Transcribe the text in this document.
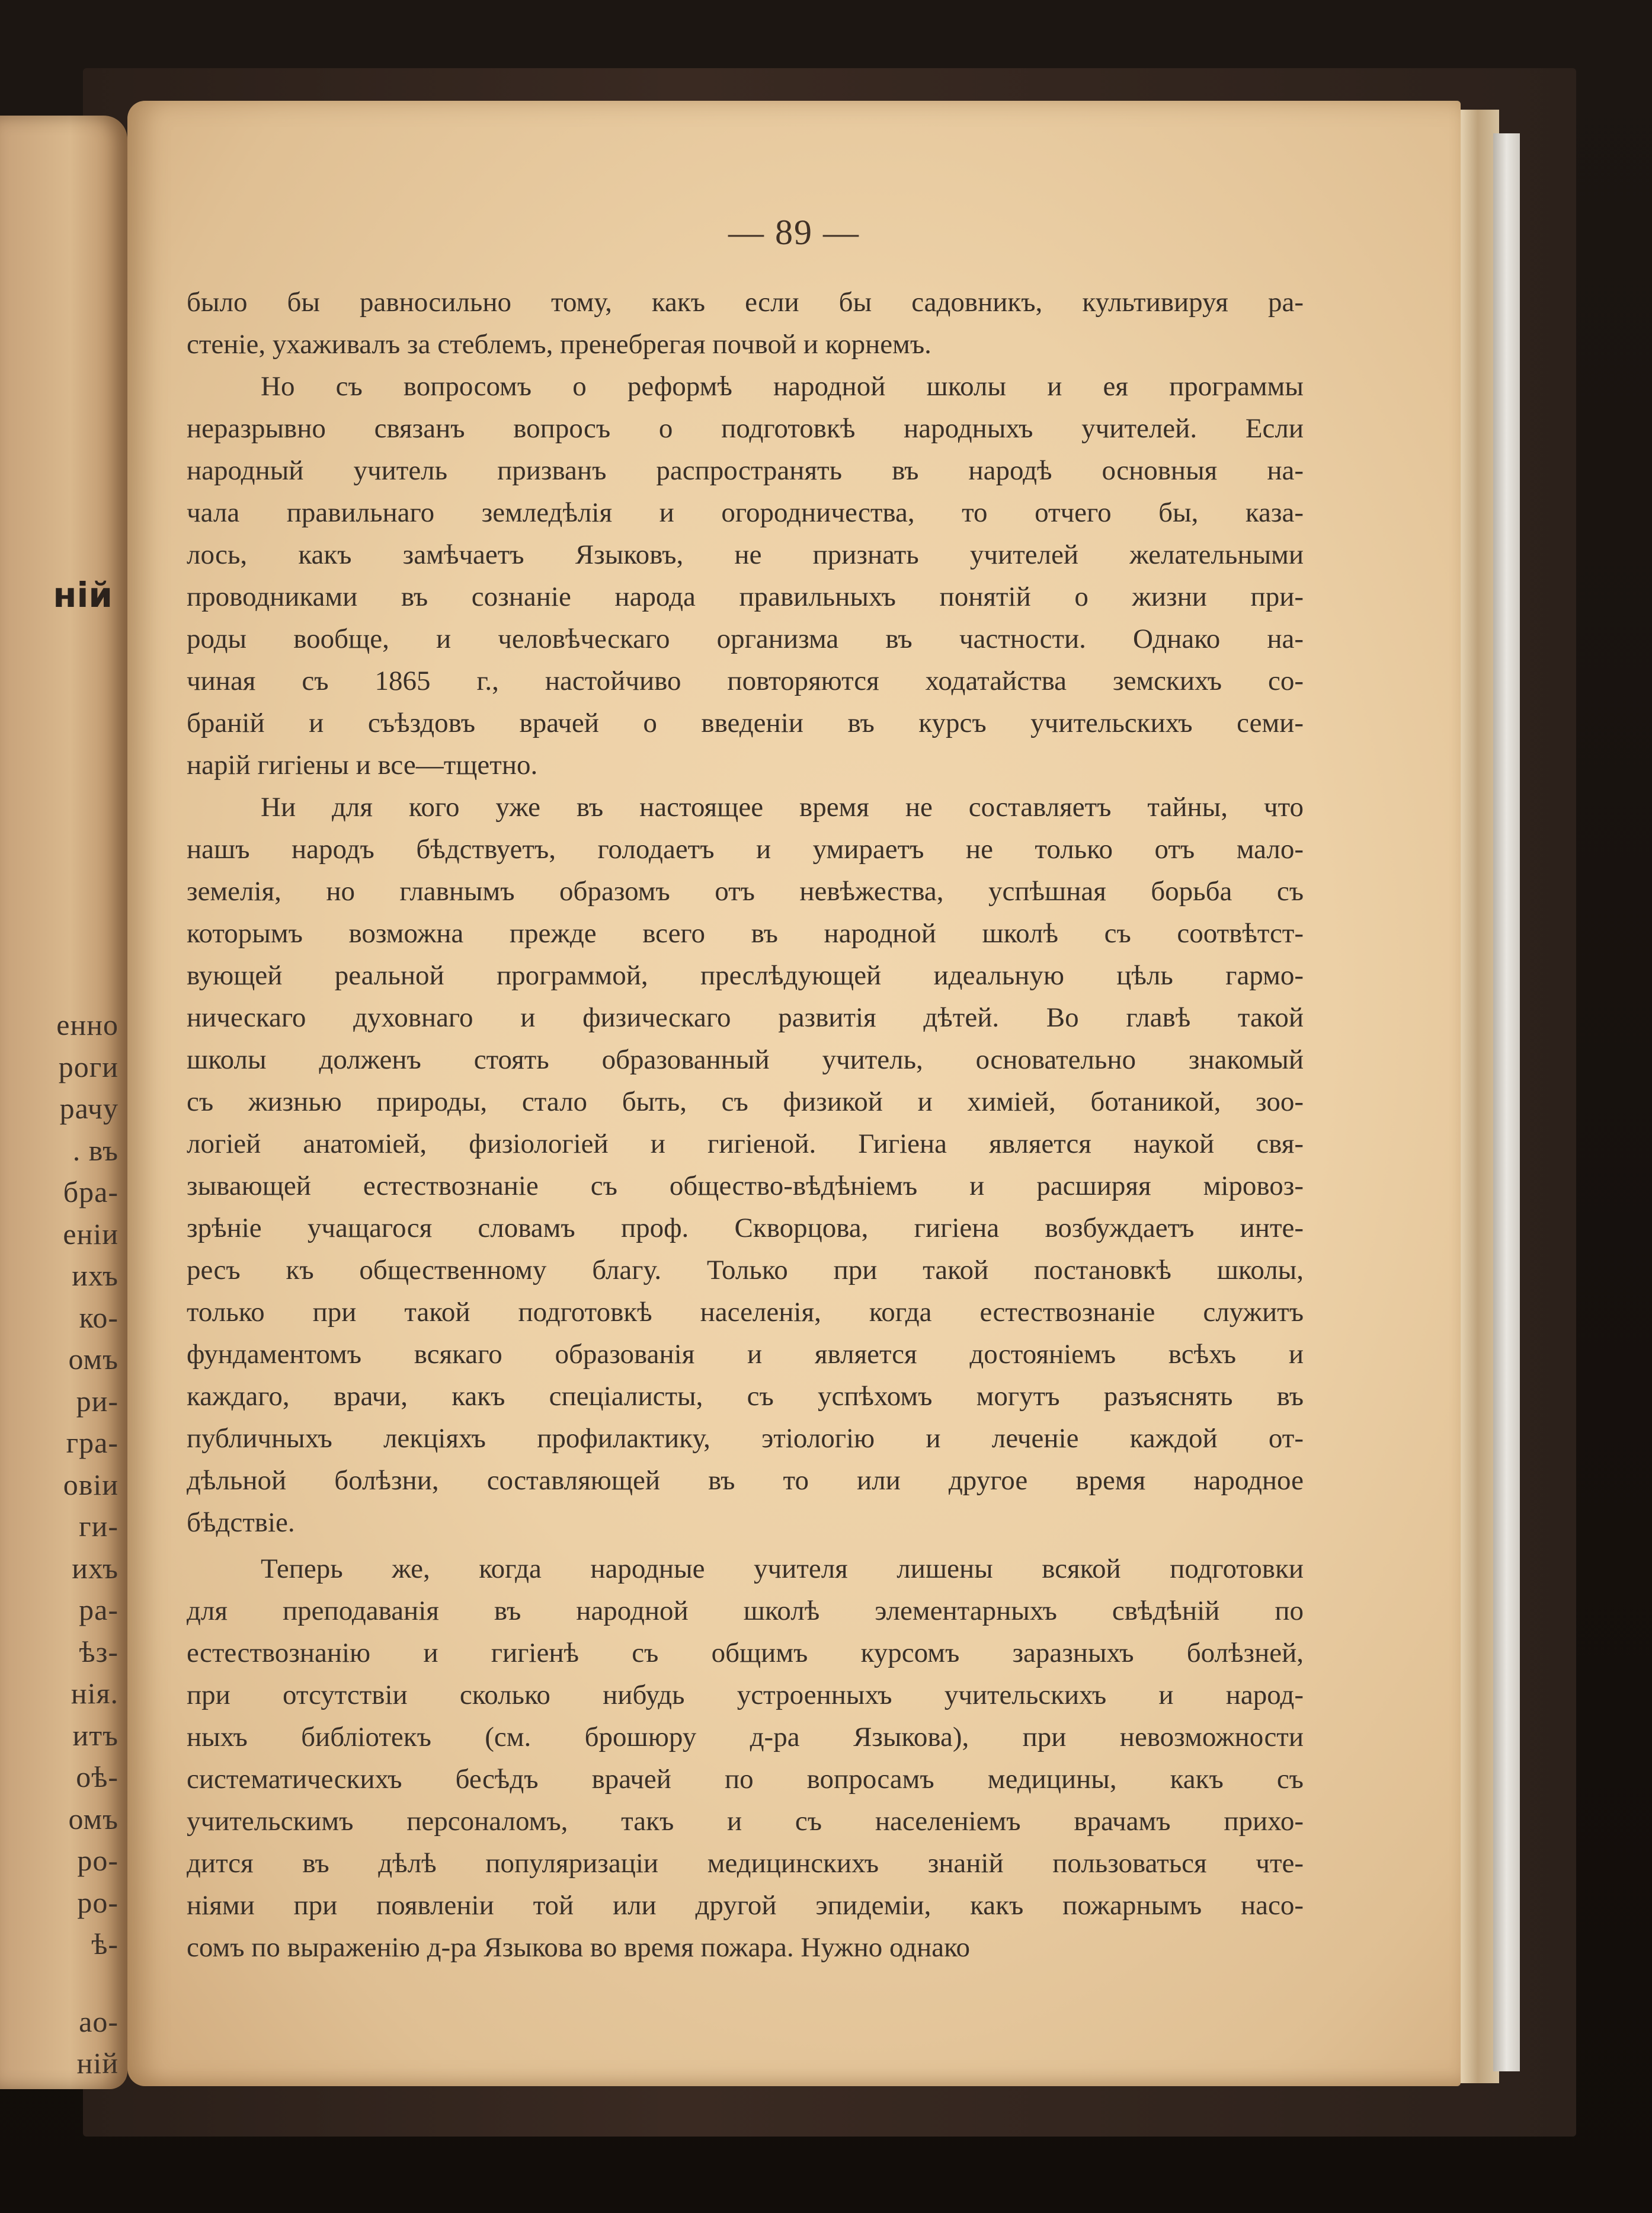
ній
енно
роги
рачу
. въ
бра-
еніи
ихъ
ко-
омъ
ри-
гра-
овіи
ги-
ихъ
ра-
ѣз-
нія.
итъ
оѣ-
омъ
ро-
ро-
ѣ-
ао-
ній
— 89 —
было бы равносильно тому, какъ если бы садовникъ, культивируя ра-
стеніе, ухаживалъ за стеблемъ, пренебрегая почвой и корнемъ.
Но съ вопросомъ о реформѣ народной школы и ея программы
неразрывно связанъ вопросъ о подготовкѣ народныхъ учителей. Если
народный учитель призванъ распространять въ народѣ основныя на-
чала правильнаго земледѣлія и огородничества, то отчего бы, каза-
лось, какъ замѣчаетъ Языковъ, не признать учителей желательными
проводниками въ сознаніе народа правильныхъ понятій о жизни при-
роды вообще, и человѣческаго организма въ частности. Однако на-
чиная съ 1865 г., настойчиво повторяются ходатайства земскихъ со-
браній и съѣздовъ врачей о введеніи въ курсъ учительскихъ семи-
нарій гигіены и все—тщетно.
Ни для кого уже въ настоящее время не составляетъ тайны, что
нашъ народъ бѣдствуетъ, голодаетъ и умираетъ не только отъ мало-
земелія, но главнымъ образомъ отъ невѣжества, успѣшная борьба съ
которымъ возможна прежде всего въ народной школѣ съ соотвѣтст-
вующей реальной программой, преслѣдующей идеальную цѣль гармо-
ническаго духовнаго и физическаго развитія дѣтей. Во главѣ такой
школы долженъ стоять образованный учитель, основательно знакомый
съ жизнью природы, стало быть, съ физикой и химіей, ботаникой, зоо-
логіей анатоміей, физіологіей и гигіеной. Гигіена является наукой свя-
зывающей естествознаніе съ общество-вѣдѣніемъ и расширяя міровоз-
зрѣніе учащагося словамъ проф. Скворцова, гигіена возбуждаетъ инте-
ресъ къ общественному благу. Только при такой постановкѣ школы,
только при такой подготовкѣ населенія, когда естествознаніе служитъ
фундаментомъ всякаго образованія и является достояніемъ всѣхъ и
каждаго, врачи, какъ спеціалисты, съ успѣхомъ могутъ разъяснять въ
публичныхъ лекціяхъ профилактику, этіологію и леченіе каждой от-
дѣльной болѣзни, составляющей въ то или другое время народное
бѣдствіе.
Теперь же, когда народные учителя лишены всякой подготовки
для преподаванія въ народной школѣ элементарныхъ свѣдѣній по
естествознанію и гигіенѣ съ общимъ курсомъ заразныхъ болѣзней,
при отсутствіи сколько нибудь устроенныхъ учительскихъ и народ-
ныхъ библіотекъ (см. брошюру д-ра Языкова), при невозможности
систематическихъ бесѣдъ врачей по вопросамъ медицины, какъ съ
учительскимъ персоналомъ, такъ и съ населеніемъ врачамъ прихо-
дится въ дѣлѣ популяризаціи медицинскихъ знаній пользоваться чте-
ніями при появленіи той или другой эпидеміи, какъ пожарнымъ насо-
сомъ по выраженію д-ра Языкова во время пожара. Нужно однако
